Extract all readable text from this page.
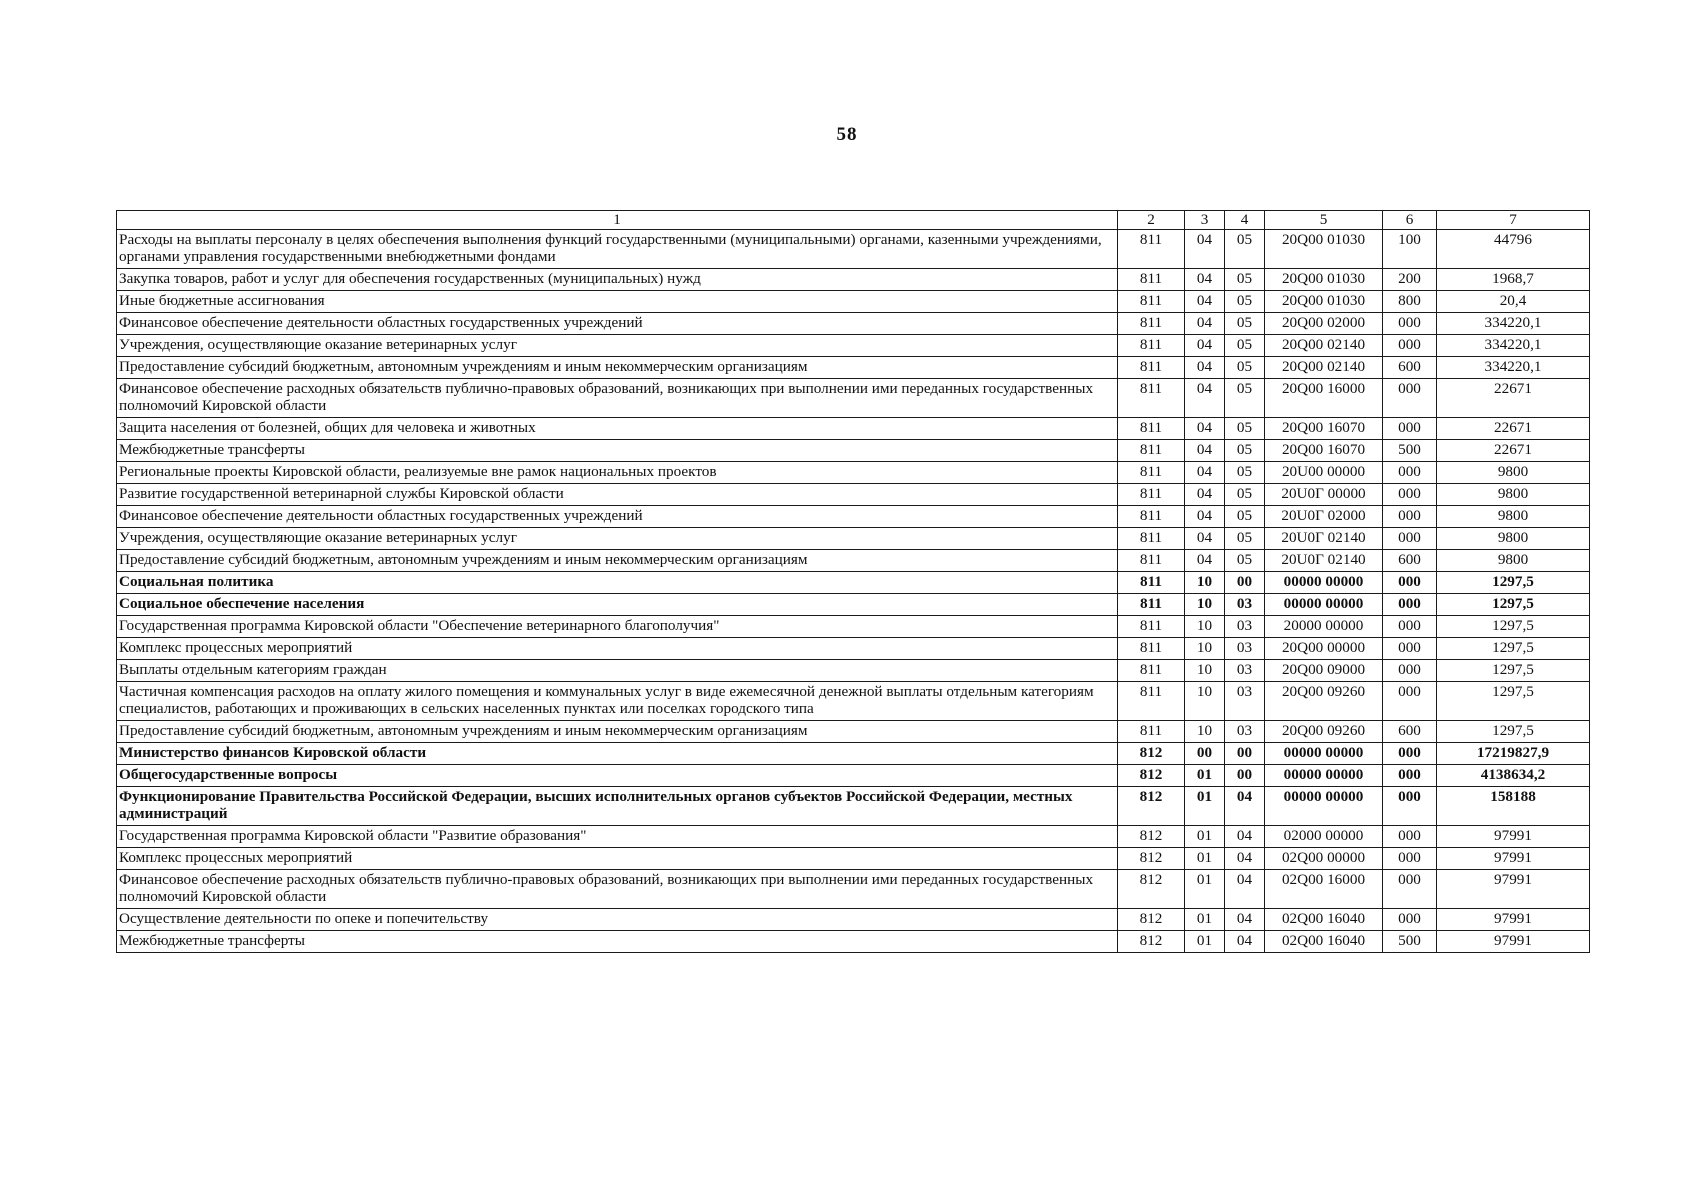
58
1	2	3	4	5	6	7
Расходы на выплаты персоналу в целях обеспечения выполнения функций государственными (муниципальными) органами, казенными учреждениями, органами управления государственными внебюджетными фондами	811	04	05	20Q00 01030	100	44796
Закупка товаров, работ и услуг для обеспечения государственных (муниципальных) нужд	811	04	05	20Q00 01030	200	1968,7
Иные бюджетные ассигнования	811	04	05	20Q00 01030	800	20,4
Финансовое обеспечение деятельности областных государственных учреждений	811	04	05	20Q00 02000	000	334220,1
Учреждения, осуществляющие оказание ветеринарных услуг	811	04	05	20Q00 02140	000	334220,1
Предоставление субсидий бюджетным, автономным учреждениям и иным некоммерческим организациям	811	04	05	20Q00 02140	600	334220,1
Финансовое обеспечение расходных обязательств публично-правовых образований, возникающих при выполнении ими переданных государственных полномочий Кировской области	811	04	05	20Q00 16000	000	22671
Защита населения от болезней, общих для человека и животных	811	04	05	20Q00 16070	000	22671
Межбюджетные трансферты	811	04	05	20Q00 16070	500	22671
Региональные проекты Кировской области, реализуемые вне рамок национальных проектов	811	04	05	20U00 00000	000	9800
Развитие государственной ветеринарной службы Кировской области	811	04	05	20U0Г 00000	000	9800
Финансовое обеспечение деятельности областных государственных учреждений	811	04	05	20U0Г 02000	000	9800
Учреждения, осуществляющие оказание ветеринарных услуг	811	04	05	20U0Г 02140	000	9800
Предоставление субсидий бюджетным, автономным учреждениям и иным некоммерческим организациям	811	04	05	20U0Г 02140	600	9800
Социальная политика	811	10	00	00000 00000	000	1297,5
Социальное обеспечение населения	811	10	03	00000 00000	000	1297,5
Государственная программа Кировской области "Обеспечение ветеринарного благополучия"	811	10	03	20000 00000	000	1297,5
Комплекс процессных мероприятий	811	10	03	20Q00 00000	000	1297,5
Выплаты отдельным категориям граждан	811	10	03	20Q00 09000	000	1297,5
Частичная компенсация расходов на оплату жилого помещения и коммунальных услуг в виде ежемесячной денежной выплаты отдельным категориям специалистов, работающих и проживающих в сельских населенных пунктах или поселках городского типа	811	10	03	20Q00 09260	000	1297,5
Предоставление субсидий бюджетным, автономным учреждениям и иным некоммерческим организациям	811	10	03	20Q00 09260	600	1297,5
Министерство финансов Кировской области	812	00	00	00000 00000	000	17219827,9
Общегосударственные вопросы	812	01	00	00000 00000	000	4138634,2
Функционирование Правительства Российской Федерации, высших исполнительных органов субъектов Российской Федерации, местных администраций	812	01	04	00000 00000	000	158188
Государственная программа Кировской области "Развитие образования"	812	01	04	02000 00000	000	97991
Комплекс процессных мероприятий	812	01	04	02Q00 00000	000	97991
Финансовое обеспечение расходных обязательств публично-правовых образований, возникающих при выполнении ими переданных государственных полномочий Кировской области	812	01	04	02Q00 16000	000	97991
Осуществление деятельности по опеке и попечительству	812	01	04	02Q00 16040	000	97991
Межбюджетные трансферты	812	01	04	02Q00 16040	500	97991
